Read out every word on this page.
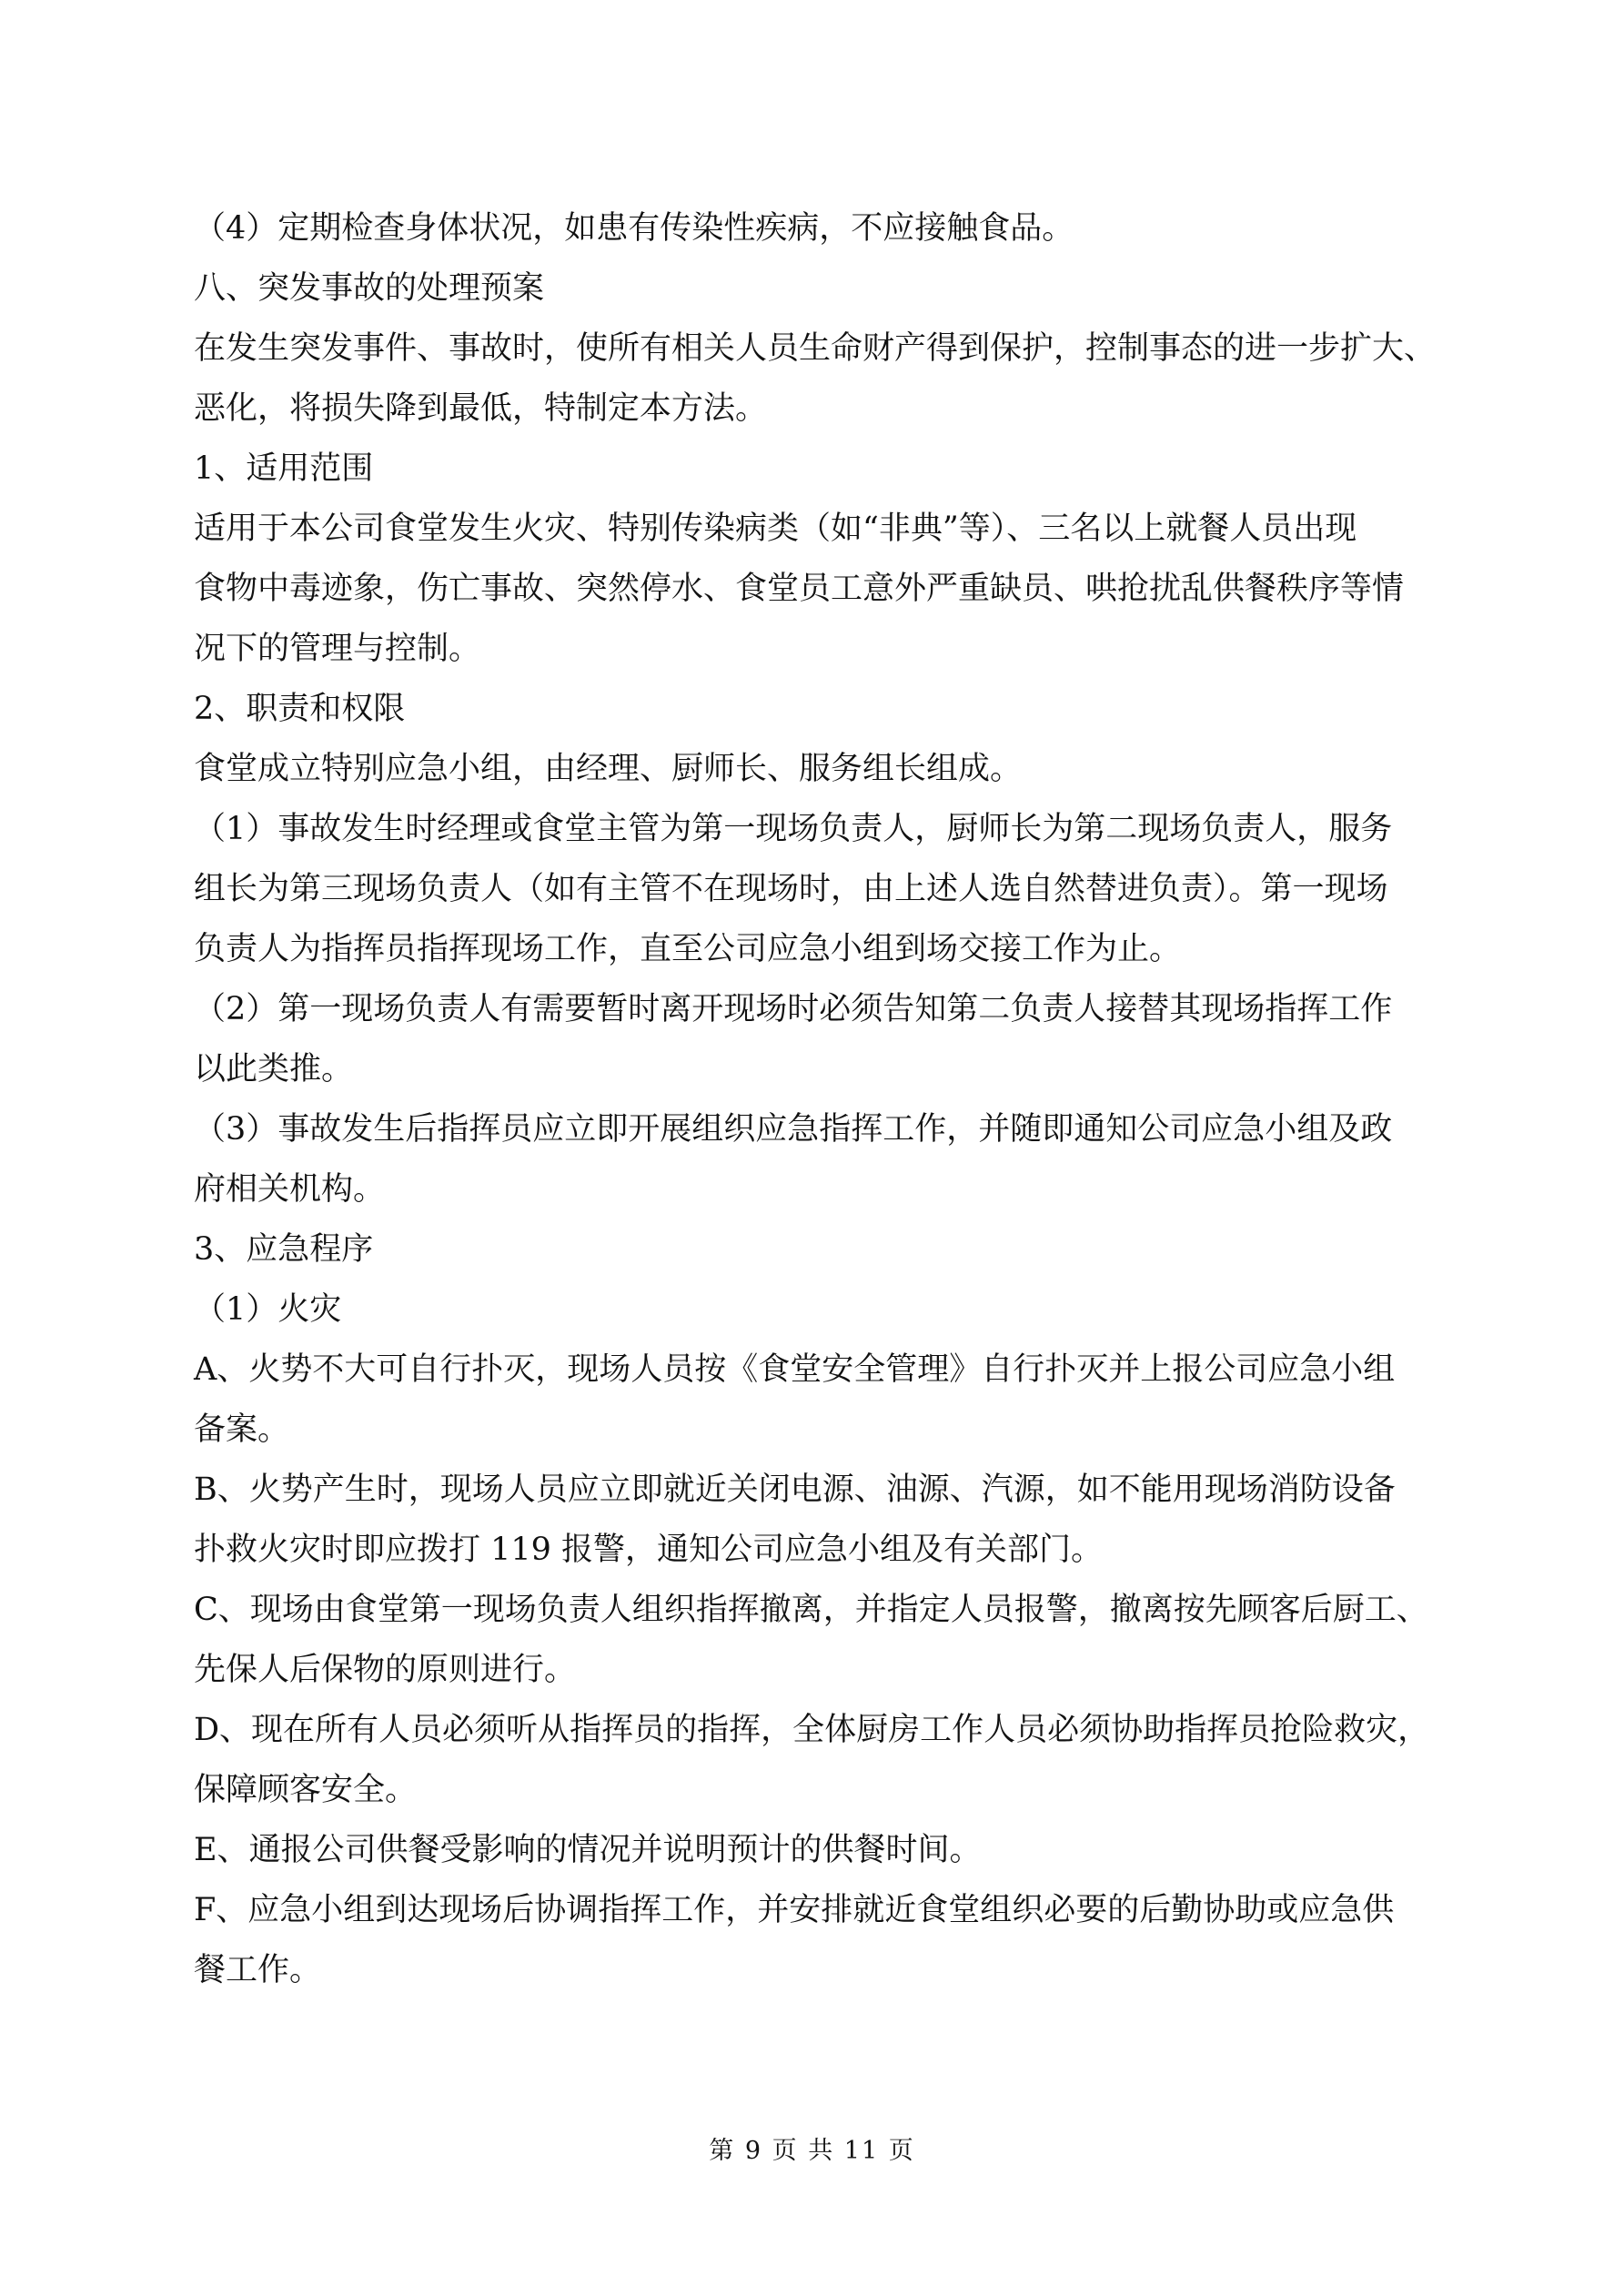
（4）定期检查身体状况，如患有传染性疾病，不应接触食品。

八、突发事故的处理预案

在发生突发事件、事故时，使所有相关人员生命财产得到保护，控制事态的进一步扩大、

恶化，将损失降到最低，特制定本方法。

1、适用范围

适用于本公司食堂发生火灾、特别传染病类（如“非典”等）、三名以上就餐人员出现

食物中毒迹象，伤亡事故、突然停水、食堂员工意外严重缺员、哄抢扰乱供餐秩序等情

况下的管理与控制。

2、职责和权限

食堂成立特别应急小组，由经理、厨师长、服务组长组成。

（1）事故发生时经理或食堂主管为第一现场负责人，厨师长为第二现场负责人，服务

组长为第三现场负责人（如有主管不在现场时，由上述人选自然替进负责）。第一现场

负责人为指挥员指挥现场工作，直至公司应急小组到场交接工作为止。

（2）第一现场负责人有需要暂时离开现场时必须告知第二负责人接替其现场指挥工作

以此类推。

（3）事故发生后指挥员应立即开展组织应急指挥工作，并随即通知公司应急小组及政

府相关机构。

3、应急程序

（1）火灾

A、火势不大可自行扑灭，现场人员按《食堂安全管理》自行扑灭并上报公司应急小组

备案。

B、火势产生时，现场人员应立即就近关闭电源、油源、汽源，如不能用现场消防设备

扑救火灾时即应拨打 119 报警，通知公司应急小组及有关部门。

C、现场由食堂第一现场负责人组织指挥撤离，并指定人员报警，撤离按先顾客后厨工、

先保人后保物的原则进行。

D、现在所有人员必须听从指挥员的指挥，全体厨房工作人员必须协助指挥员抢险救灾，

保障顾客安全。

E、通报公司供餐受影响的情况并说明预计的供餐时间。

F、应急小组到达现场后协调指挥工作，并安排就近食堂组织必要的后勤协助或应急供

餐工作。

第 9 页 共 11 页
